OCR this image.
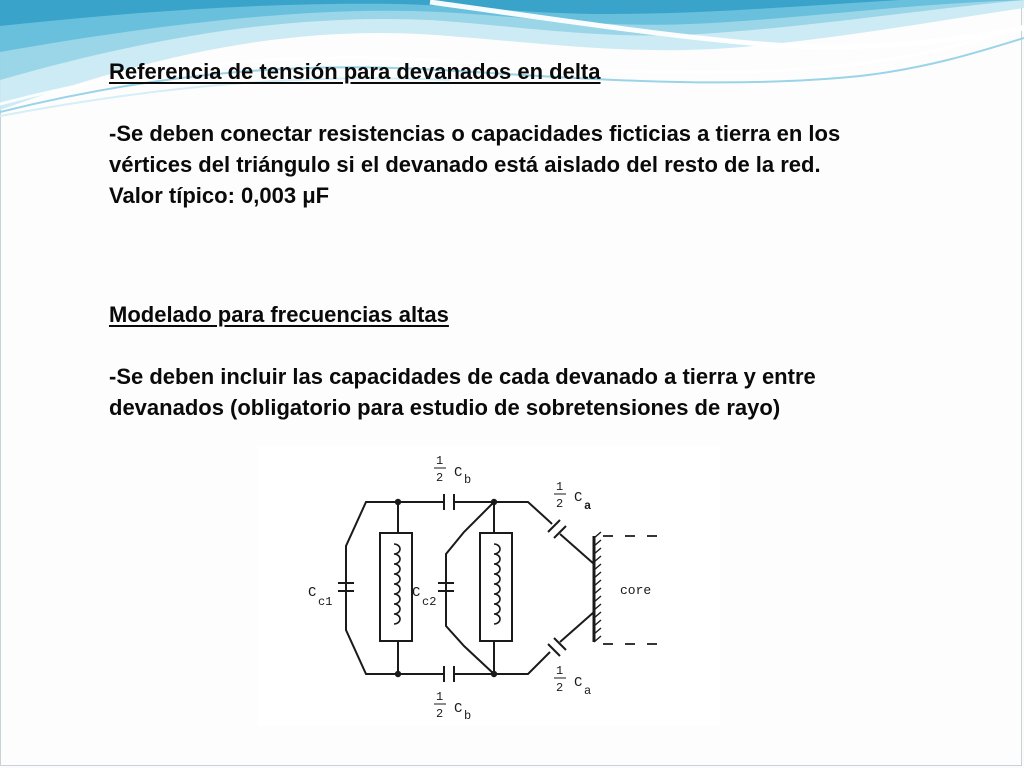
Referencia de tensión para devanados en delta

-Se deben conectar resistencias o capacidades ficticias a tierra en los

vértices del triángulo si el devanado está aislado del resto de la red.

Valor típico: 0,003 μF

Modelado para frecuencias altas

-Se deben incluir las capacidades de cada devanado a tierra y entre

devanados (obligatorio para estudio de sobretensiones de rayo)

1
2 C b
1
2 C b
1
2 C a
1
2 C a
C
c1
C
c2
core
